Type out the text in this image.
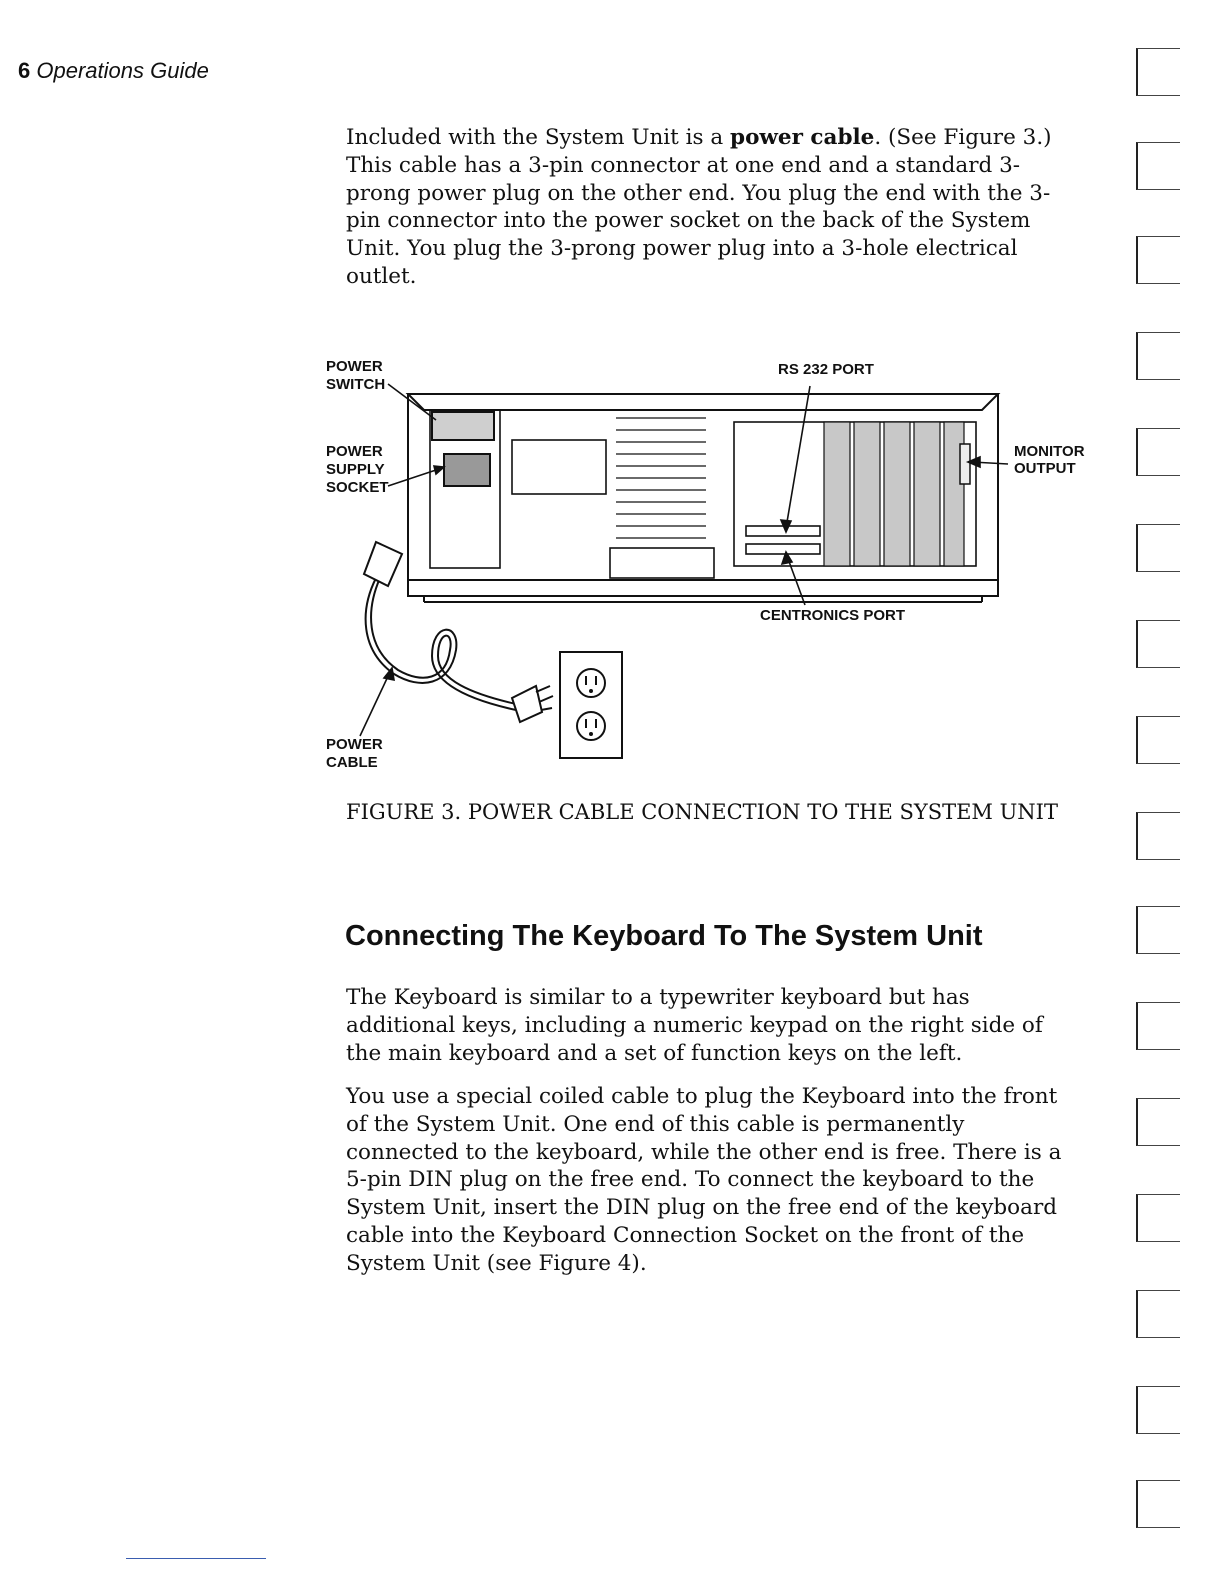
6 Operations Guide

Included with the System Unit is a power cable. (See Figure 3.) This cable has a 3-pin connector at one end and a standard 3-prong power plug on the other end. You plug the end with the 3-pin connector into the power socket on the back of the System Unit. You plug the 3-prong power plug into a 3-hole electrical outlet.

POWER
SWITCH
POWER
SUPPLY
SOCKET
RS 232 PORT
MONITOR
OUTPUT
CENTRONICS PORT
POWER
CABLE
FIGURE 3. POWER CABLE CONNECTION TO THE SYSTEM UNIT
Connecting The Keyboard To The System Unit

The Keyboard is similar to a typewriter keyboard but has additional keys, including a numeric keypad on the right side of the main keyboard and a set of function keys on the left.

You use a special coiled cable to plug the Keyboard into the front of the System Unit. One end of this cable is permanently connected to the keyboard, while the other end is free. There is a 5-pin DIN plug on the free end. To connect the keyboard to the System Unit, insert the DIN plug on the free end of the keyboard cable into the Keyboard Connection Socket on the front of the System Unit (see Figure 4).
